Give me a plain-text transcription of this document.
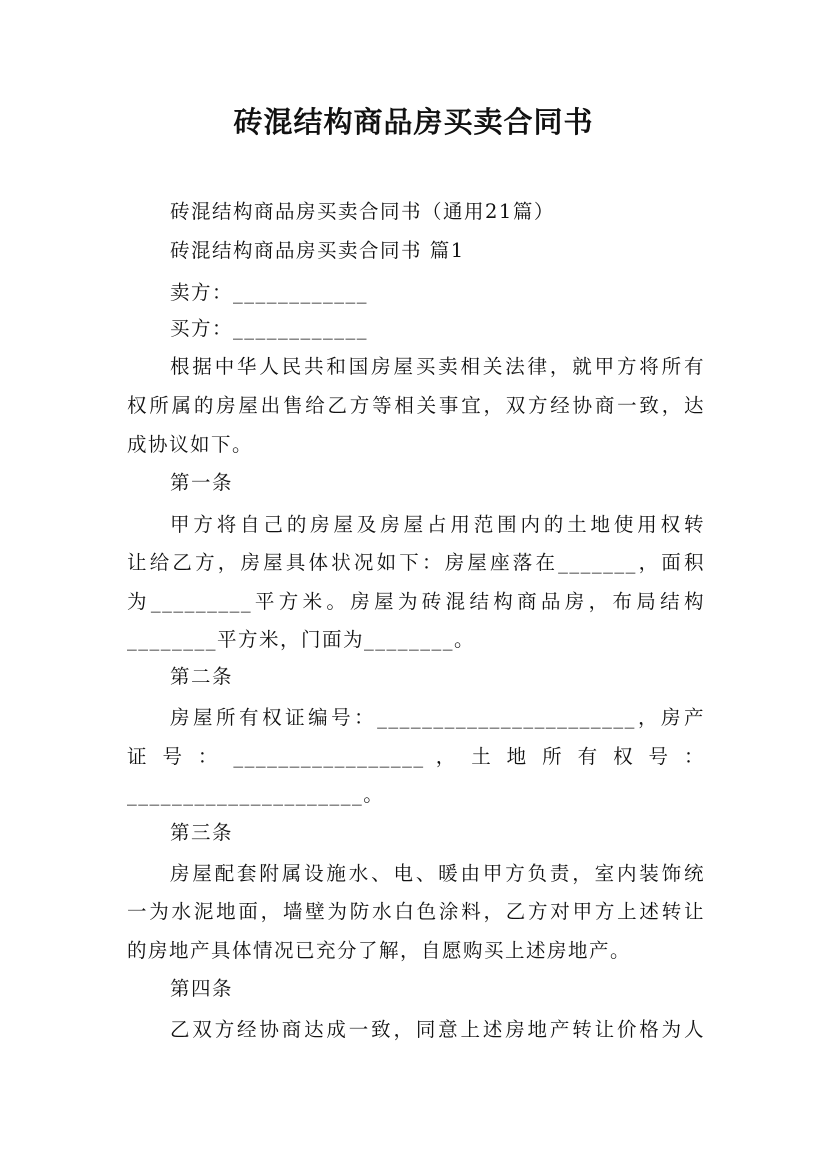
砖混结构商品房买卖合同书
砖混结构商品房买卖合同书（通用21篇）
砖混结构商品房买卖合同书 篇1
卖方：____________
买方：____________
根据中华人民共和国房屋买卖相关法律，就甲方将所有
权所属的房屋出售给乙方等相关事宜，双方经协商一致，达
成协议如下。
第一条
甲方将自己的房屋及房屋占用范围内的土地使用权转
让给乙方，房屋具体状况如下：房屋座落在_______，面积
为_________平方米。房屋为砖混结构商品房，布局结构
________平方米，门面为________。
第二条
房屋所有权证编号：_______________________，房产
证 号 ： _________________ ， 土 地 所 有 权 号 ：
_____________________。
第三条
房屋配套附属设施水、电、暖由甲方负责，室内装饰统
一为水泥地面，墙壁为防水白色涂料，乙方对甲方上述转让
的房地产具体情况已充分了解，自愿购买上述房地产。
第四条
乙双方经协商达成一致，同意上述房地产转让价格为人
